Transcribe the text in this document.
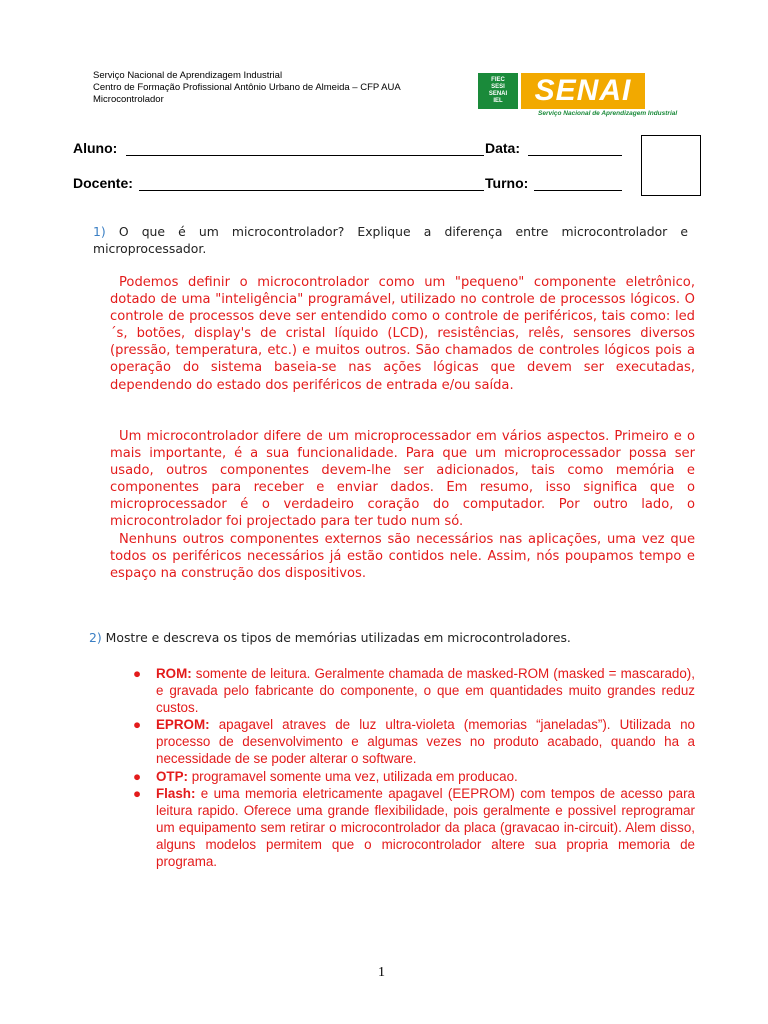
Serviço Nacional de Aprendizagem Industrial
Centro de Formação Profissional Antônio Urbano de Almeida – CFP AUA
Microcontrolador
FIEC
SESI
SENAI
IEL SENAI
Serviço Nacional de Aprendizagem Industrial
Aluno:	Data:
Docente:	Turno:
1) O que é um microcontrolador? Explique a diferença entre microcontrolador e microprocessador.

Podemos definir o microcontrolador como um "pequeno" componente eletrônico, dotado de uma "inteligência" programável, utilizado no controle de processos lógicos. O controle de processos deve ser entendido como o controle de periféricos, tais como: led´s, botões, display's de cristal líquido (LCD), resistências, relês, sensores diversos (pressão, temperatura, etc.) e muitos outros. São chamados de controles lógicos pois a operação do sistema baseia-se nas ações lógicas que devem ser executadas, dependendo do estado dos periféricos de entrada e/ou saída.

Um microcontrolador difere de um microprocessador em vários aspectos. Primeiro e o mais importante, é a sua funcionalidade. Para que um microprocessador possa ser usado, outros componentes devem-lhe ser adicionados, tais como memória e componentes para receber e enviar dados. Em resumo, isso significa que o microprocessador é o verdadeiro coração do computador. Por outro lado, o microcontrolador foi projectado para ter tudo num só.

Nenhuns outros componentes externos são necessários nas aplicações, uma vez que todos os periféricos necessários já estão contidos nele. Assim, nós poupamos tempo e espaço na construção dos dispositivos.

2) Mostre e descreva os tipos de memórias utilizadas em microcontroladores.
● ROM: somente de leitura. Geralmente chamada de masked-ROM (masked = mascarado), e gravada pelo fabricante do componente, o que em quantidades muito grandes reduz custos.
● EPROM: apagavel atraves de luz ultra-violeta (memorias “janeladas”). Utilizada no processo de desenvolvimento e algumas vezes no produto acabado, quando ha a necessidade de se poder alterar o software.
● OTP: programavel somente uma vez, utilizada em producao.
● Flash: e uma memoria eletricamente apagavel (EEPROM) com tempos de acesso para leitura rapido. Oferece uma grande flexibilidade, pois geralmente e possivel reprogramar um equipamento sem retirar o microcontrolador da placa (gravacao in-circuit). Alem disso, alguns modelos permitem que o microcontrolador altere sua propria memoria de programa.
1
